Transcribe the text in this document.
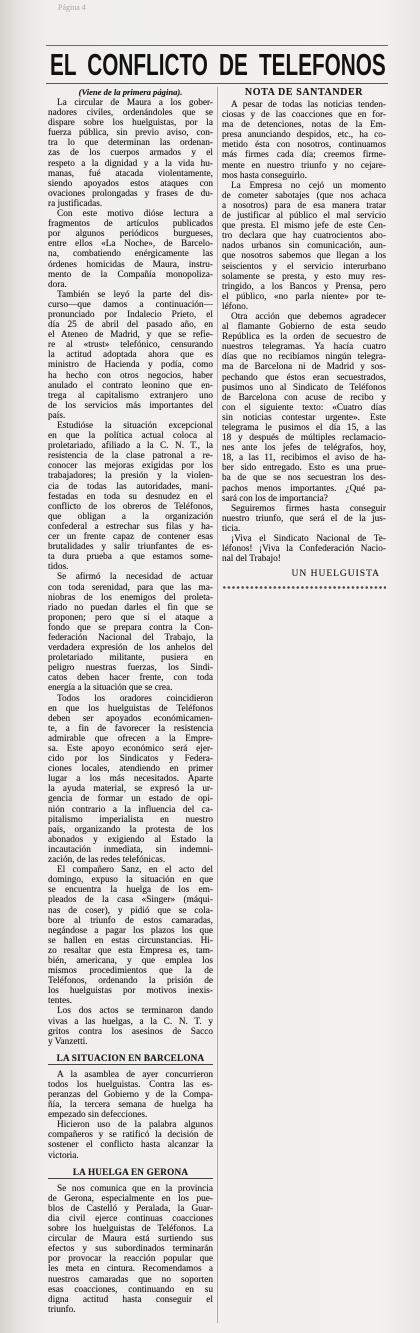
Página 4
EL CONFLICTO DE TELEFONOS
(Viene de la primera página).
La circular de Maura a los gober-
nadores civiles, ordenándoles que se
dispare sobre los huelguistas, por la
fuerza pública, sin previo aviso, con-
tra lo que determinan las ordenan-
zas de los cuerpos armados y el
respeto a la dignidad y a la vida hu-
manas, fué atacada violentamente,
siendo apoyados estos ataques con
ovaciones prolongadas y frases de du-
ra justificadas.
Con este motivo dióse lectura a
fragmentos de artículos publicados
por algunos periódicos burgueses,
entre ellos «La Noche», de Barcelo-
na, combatiendo enérgicamente las
órdenes homicidas de Maura, instru-
mento de la Compañía monopoliza-
dora.
También se leyó la parte del dis-
curso—que damos a continuación—
pronunciado por Indalecio Prieto, el
día 25 de abril del pasado año, en
el Ateneo de Madrid, y que se refie-
re al «trust» telefónico, censurando
la actitud adoptada ahora que es
ministro de Hacienda y podía, como
ha hecho con otros negocios, haber
anulado el contrato leonino que en-
trega al capitalismo extranjero uno
de los servicios más importantes del
país.
Estudióse la situación excepcional
en que la política actual coloca al
proletariado, afiliado a la C. N. T., la
resistencia de la clase patronal a re-
conocer las mejoras exigidas por los
trabajadores; la presión y la violen-
cia de todas las autoridades, mani-
festadas en toda su desnudez en el
conflicto de los obreros de Teléfonos,
que obligan a la organización
confederal a estrechar sus filas y ha-
cer un frente capaz de contener esas
brutalidades y salir triunfantes de es-
ta dura prueba a que estamos some-
tidos.
Se afirmó la necesidad de actuar
con toda serenidad, para que las ma-
niobras de los enemigos del proleta-
riado no puedan darles el fin que se
proponen; pero que si el ataque a
fondo que se prepara contra la Con-
federación Nacional del Trabajo, la
verdadera expresión de los anhelos del
proletariado militante, pusiera en
peligro nuestras fuerzas, los Sindi-
catos deben hacer frente, con toda
energía a la situación que se crea.
Todos los oradores coincidieron
en que los huelguistas de Teléfonos
deben ser apoyados económicamen-
te, a fin de favorecer la resistencia
admirable que ofrecen a la Empre-
sa. Este apoyo económico será ejer-
cido por los Sindicatos y Federa-
ciones locales, atendiendo en primer
lugar a los más necesitados. Aparte
la ayuda material, se expresó la ur-
gencia de formar un estado de opi-
nión contrario a la influencia del ca-
pitalismo imperialista en nuestro
país, organizando la protesta de los
abonados y exigiendo al Estado la
incautación inmediata, sin indemni-
zación, de las redes telefónicas.
El compañero Sanz, en el acto del
domingo, expuso la situación en que
se encuentra la huelga de los em-
pleados de la casa «Singer» (máqui-
nas de coser), y pidió que se cola-
bore al triunfo de estos camaradas,
negándose a pagar los plazos los que
se hallen en estas circunstancias. Hi-
zo resaltar que esta Empresa es, tam-
bién, americana, y que emplea los
mismos procedimientos que la de
Teléfonos, ordenando la prisión de
los huelguistas por motivos inexis-
tentes.
Los dos actos se terminaron dando
vivas a las huelgas, a la C. N. T. y
gritos contra los asesinos de Sacco
y Vanzetti.
LA SITUACION EN BARCELONA
A la asamblea de ayer concurrieron
todos los huelguistas. Contra las es-
peranzas del Gobierno y de la Compa-
ñía, la tercera semana de huelga ha
empezado sin defecciones.
Hicieron uso de la palabra algunos
compañeros y se ratificó la decisión de
sostener el conflicto hasta alcanzar la
victoria.
LA HUELGA EN GERONA
Se nos comunica que en la provincia
de Gerona, especialmente en los pue-
blos de Castelló y Peralada, la Guar-
dia civil ejerce continuas coacciones
sobre los huelguistas de Teléfonos. La
circular de Maura está surtiendo sus
efectos y sus subordinados terminarán
por provocar la reacción popular que
les meta en cintura. Recomendamos a
nuestros camaradas que no soporten
esas coacciones, continuando en su
digna actitud hasta conseguir el
triunfo.
NOTA DE SANTANDER
A pesar de todas las noticias tenden-
ciosas y de las coacciones que en for-
ma de detenciones, notas de la Em-
presa anunciando despidos, etc., ha co-
metido ésta con nosotros, continuamos
más firmes cada día; creemos firme-
mente en nuestro triunfo y no cejare-
mos hasta conseguirlo.
La Empresa no cejó un momento
de cometer sabotajes (que nos achaca
a nosotros) para de esa manera tratar
de justificar al público el mal servicio
que presta. El mismo jefe de este Cen-
tro declara que hay cuatrocientos abo-
nados urbanos sin comunicación, aun-
que nosotros sabemos que llegan a los
seiscientos y el servicio interurbano
solamente se presta, y esto muy res-
tringido, a los Bancos y Prensa, pero
el público, «no parla niente» por te-
léfono.
Otra acción que debemos agradecer
al flamante Gobierno de esta seudo
República es la orden de secuestro de
nuestros telegramas. Ya hacía cuatro
días que no recibíamos ningún telegra-
ma de Barcelona ni de Madrid y sos-
pechando que éstos eran secuestrados,
pusimos uno al Sindicato de Teléfonos
de Barcelona con acuse de recibo y
con el siguiente texto: «Cuatro días
sin noticias contestar urgente». Este
telegrama le pusimos el día 15, a las
18 y después de múltiples reclamacio-
nes ante los jefes de telégrafos, hoy,
18, a las 11, recibimos el aviso de ha-
ber sido entregado. Esto es una prue-
ba de que se nos secuestran los des-
pachos menos importantes. ¿Qué pa-
sará con los de importancia?
Seguiremos firmes hasta conseguir
nuestro triunfo, que será el de la jus-
ticia.
¡Viva el Sindicato Nacional de Te-
léfonos! ¡Viva la Confederación Nacio-
nal del Trabajo!
UN HUELGUISTA
